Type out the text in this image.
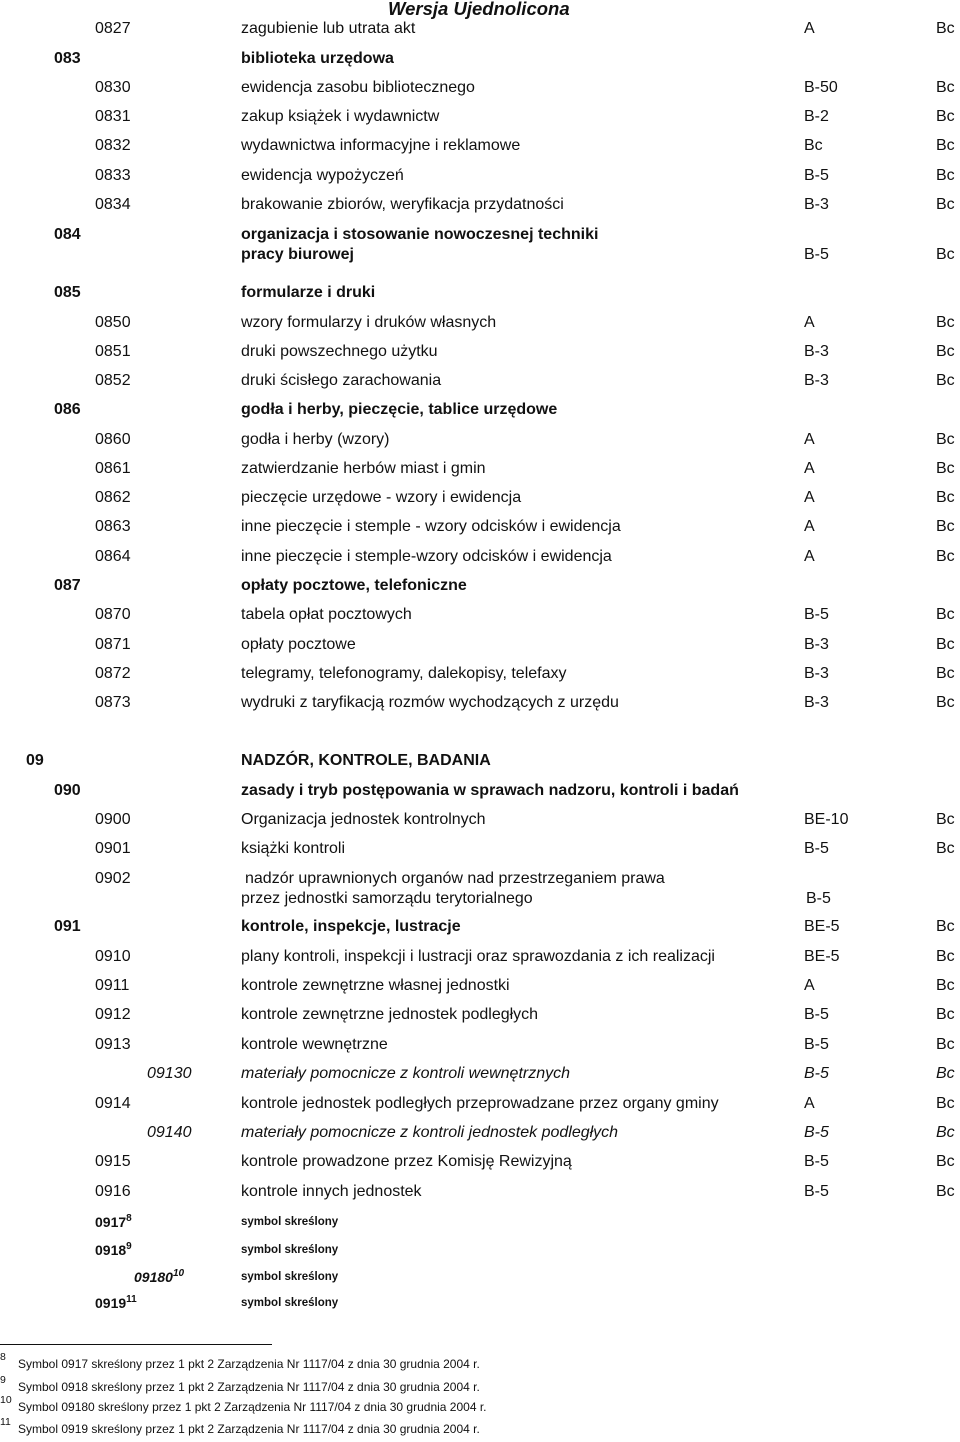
Wersja Ujednolicona
0827	zagubienie lub utrata akt	A	Bc
083	biblioteka urzędowa
0830	ewidencja zasobu bibliotecznego	B-50	Bc
0831	zakup książek i wydawnictw	B-2	Bc
0832	wydawnictwa informacyjne i reklamowe	Bc	Bc
0833	ewidencja wypożyczeń	B-5	Bc
0834	brakowanie zbiorów, weryfikacja przydatności	B-3	Bc
084	organizacja i stosowanie nowoczesnej techniki
pracy biurowej	B-5	Bc
085	formularze i druki
0850	wzory formularzy i druków własnych	A	Bc
0851	druki powszechnego użytku	B-3	Bc
0852	druki ścisłego zarachowania	B-3	Bc
086	godła i herby, pieczęcie, tablice urzędowe
0860	godła i herby (wzory)	A	Bc
0861	zatwierdzanie herbów miast i gmin	A	Bc
0862	pieczęcie urzędowe - wzory i ewidencja	A	Bc
0863	inne pieczęcie i stemple - wzory odcisków i ewidencja	A	Bc
0864	inne pieczęcie i stemple-wzory odcisków i ewidencja	A	Bc
087	opłaty pocztowe, telefoniczne
0870	tabela opłat pocztowych	B-5	Bc
0871	opłaty pocztowe	B-3	Bc
0872	telegramy, telefonogramy, dalekopisy, telefaxy	B-3	Bc
0873	wydruki z taryfikacją rozmów wychodzących z urzędu	B-3	Bc
09	NADZÓR, KONTROLE, BADANIA
090	zasady i tryb postępowania w sprawach nadzoru, kontroli i badań
0900	Organizacja jednostek kontrolnych	BE-10	Bc
0901	książki kontroli	B-5	Bc
0902	nadzór uprawnionych organów nad przestrzeganiem prawa
przez jednostki samorządu terytorialnego	B-5
091	kontrole, inspekcje, lustracje	BE-5	Bc
0910	plany kontroli, inspekcji i lustracji oraz sprawozdania z ich realizacji	BE-5	Bc
0911	kontrole zewnętrzne własnej jednostki	A	Bc
0912	kontrole zewnętrzne jednostek podległych	B-5	Bc
0913	kontrole wewnętrzne	B-5	Bc
09130	materiały pomocnicze z kontroli wewnętrznych	B-5	Bc
0914	kontrole jednostek podległych przeprowadzane przez organy gminy	A	Bc
09140	materiały pomocnicze z kontroli jednostek podległych	B-5	Bc
0915	kontrole prowadzone przez Komisję Rewizyjną	B-5	Bc
0916	kontrole innych jednostek	B-5	Bc
0917$^8$	symbol skreślony
0918$^9$	symbol skreślony
09180$^{10}$	symbol skreślony
0919$^{11}$	symbol skreślony
8 Symbol 0917 skreślony przez 1 pkt 2 Zarządzenia Nr 1117/04 z dnia 30 grudnia 2004 r.
9 Symbol 0918 skreślony przez 1 pkt 2 Zarządzenia Nr 1117/04 z dnia 30 grudnia 2004 r.
10 Symbol 09180 skreślony przez 1 pkt 2 Zarządzenia Nr 1117/04 z dnia 30 grudnia 2004 r.
11 Symbol 0919 skreślony przez 1 pkt 2 Zarządzenia Nr 1117/04 z dnia 30 grudnia 2004 r.
